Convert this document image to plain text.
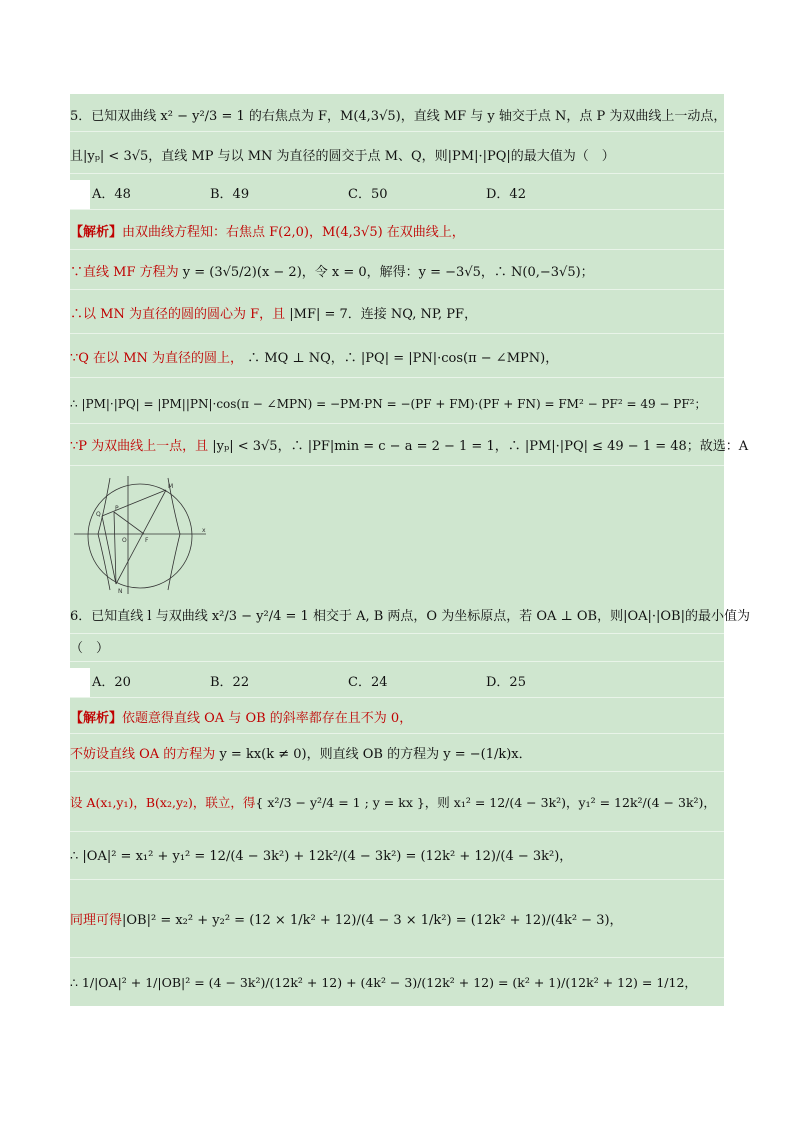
5．已知双曲线 x² − y²/3 = 1 的右焦点为 F，M(4,3√5)，直线 MF 与 y 轴交于点 N，点 P 为双曲线上一动点，
且|yₚ| < 3√5，直线 MP 与以 MN 为直径的圆交于点 M、Q，则|PM|·|PQ|的最大值为（　）
A．48	B．49	C．50	D．42
【解析】由双曲线方程知：右焦点 F(2,0)，M(4,3√5) 在双曲线上，
∵直线 MF 方程为 y = (3√5/2)(x − 2)，令 x = 0，解得：y = −3√5，∴ N(0,−3√5)；
∴以 MN 为直径的圆的圆心为 F，且 |MF| = 7．连接 NQ, NP, PF，
∵Q 在以 MN 为直径的圆上， ∴ MQ ⊥ NQ，∴ |PQ| = |PN|·cos(π − ∠MPN)，
∴ |PM|·|PQ| = |PM||PN|·cos(π − ∠MPN) = −PM·PN = −(PF + FM)·(PF + FN) = FM² − PF² = 49 − PF²；
∵P 为双曲线上一点，且 |yₚ| < 3√5，∴ |PF|min = c − a = 2 − 1 = 1，∴ |PM|·|PQ| ≤ 49 − 1 = 48；故选：A
M
Q
P
O	F
N
x
6．已知直线 l 与双曲线 x²/3 − y²/4 = 1 相交于 A, B 两点，O 为坐标原点，若 OA ⊥ OB，则|OA|·|OB|的最小值为
（　）
A．20	B．22	C．24	D．25
【解析】依题意得直线 OA 与 OB 的斜率都存在且不为 0，
不妨设直线 OA 的方程为 y = kx(k ≠ 0)，则直线 OB 的方程为 y = −(1/k)x．
设 A(x₁,y₁)，B(x₂,y₂)，联立，得{ x²/3 − y²/4 = 1 ; y = kx }，则 x₁² = 12/(4 − 3k²)，y₁² = 12k²/(4 − 3k²)，
∴ |OA|² = x₁² + y₁² = 12/(4 − 3k²) + 12k²/(4 − 3k²) = (12k² + 12)/(4 − 3k²)，
同理可得|OB|² = x₂² + y₂² = (12 × 1/k² + 12)/(4 − 3 × 1/k²) = (12k² + 12)/(4k² − 3)，
∴ 1/|OA|² + 1/|OB|² = (4 − 3k²)/(12k² + 12) + (4k² − 3)/(12k² + 12) = (k² + 1)/(12k² + 12) = 1/12，
